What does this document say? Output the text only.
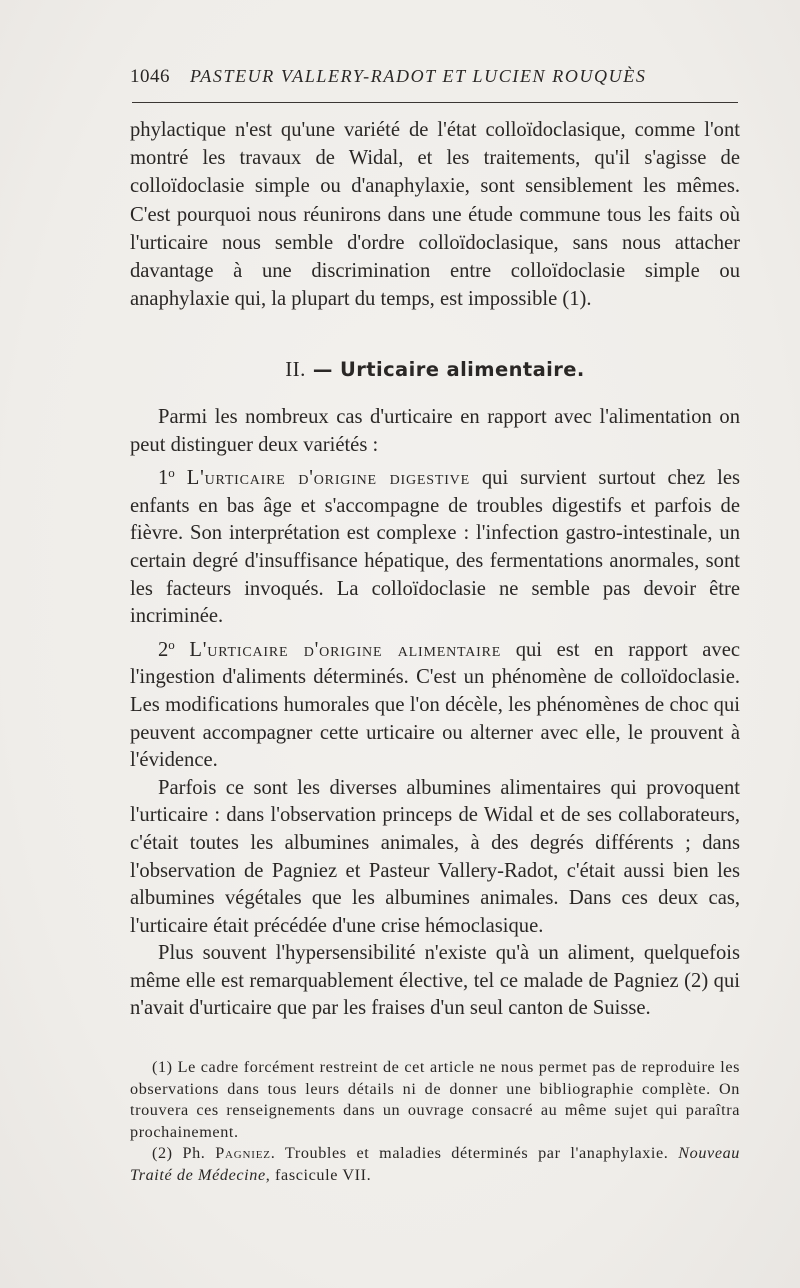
1046 PASTEUR VALLERY-RADOT ET LUCIEN ROUQUÈS

phylactique n'est qu'une variété de l'état colloïdoclasique, comme l'ont montré les travaux de Widal, et les traitements, qu'il s'agisse de colloïdoclasie simple ou d'anaphylaxie, sont sensiblement les mêmes. C'est pourquoi nous réunirons dans une étude commune tous les faits où l'urticaire nous semble d'ordre colloïdoclasique, sans nous attacher davantage à une discrimination entre colloïdoclasie simple ou anaphylaxie qui, la plupart du temps, est impossible (1).

II. — Urticaire alimentaire.

Parmi les nombreux cas d'urticaire en rapport avec l'alimentation on peut distinguer deux variétés :

1$^o$ L'urticaire d'origine digestive qui survient surtout chez les enfants en bas âge et s'accompagne de troubles digestifs et parfois de fièvre. Son interprétation est complexe : l'infection gastro-intestinale, un certain degré d'insuffisance hépatique, des fermentations anormales, sont les facteurs invoqués. La colloïdoclasie ne semble pas devoir être incriminée.

2$^o$ L'urticaire d'origine alimentaire qui est en rapport avec l'ingestion d'aliments déterminés. C'est un phénomène de colloïdoclasie. Les modifications humorales que l'on décèle, les phénomènes de choc qui peuvent accompagner cette urticaire ou alterner avec elle, le prouvent à l'évidence.

Parfois ce sont les diverses albumines alimentaires qui provoquent l'urticaire : dans l'observation princeps de Widal et de ses collaborateurs, c'était toutes les albumines animales, à des degrés différents ; dans l'observation de Pagniez et Pasteur Vallery-Radot, c'était aussi bien les albumines végétales que les albumines animales. Dans ces deux cas, l'urticaire était précédée d'une crise hémoclasique.

Plus souvent l'hypersensibilité n'existe qu'à un aliment, quelquefois même elle est remarquablement élective, tel ce malade de Pagniez (2) qui n'avait d'urticaire que par les fraises d'un seul canton de Suisse.

(1) Le cadre forcément restreint de cet article ne nous permet pas de reproduire les observations dans tous leurs détails ni de donner une bibliographie complète. On trouvera ces renseignements dans un ouvrage consacré au même sujet qui paraîtra prochainement.

(2) Ph. Pagniez. Troubles et maladies déterminés par l'anaphylaxie. Nouveau Traité de Médecine, fascicule VII.
